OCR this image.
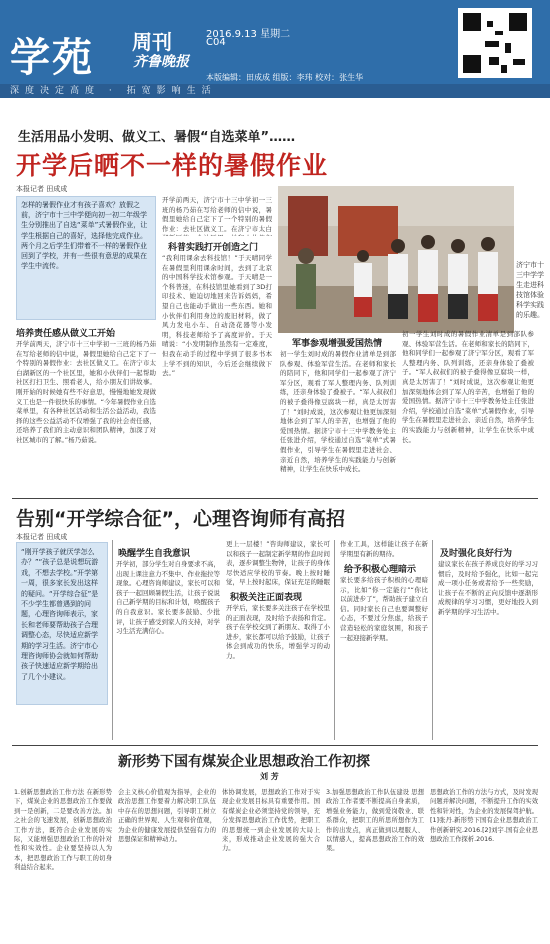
学苑 周刊
齐鲁晚报
2016.9.13 星期二
C04
本版编辑：田成成 组版：李玮 校对：张生华
深度决定高度 · 拓宽影响生活
生活用品小发明、做义工、暑假“自选菜单”……
开学后晒不一样的暑假作业
本报记者 田成成
怎样的暑假作业才有孩子喜欢？放假之前，济宁市十三中学便向初一初二年级学生分别推出了自选“菜单”式暑假作业，让学生根据自己的喜好，选择他完成作业。两个月之后学生们带着不一样的暑假作业回到了学校，并有一些很有意思的成果在学生中流传。
培养责任感从做义工开始
开学前两天，济宁市十三中学初一三班的杨乃茹在写给老师的信中说，暑假里她给自己定下了一个特别的暑假作业：去社区做义工。在济宁市太白湖新区的一个社区里，她和小伙伴们一起帮助社区打扫卫生、照看老人，给小朋友们讲故事。刚开始的时候她有些不好意思，慢慢地她发现做义工也是一件很快乐的事情。“今年暑假作业自选菜单里，有各种社区活动和生活公益活动，我选择的这些公益活动不仅增强了我的社会责任感，还培养了我们的主动意识和团队精神，加深了对社区城市的了解。”杨乃茹说。
科普实践打开创造之门
开学前两天，济宁市十三中学初一三班的杨乃茹在写给老师的信中说，暑假里她给自己定下了一个特别的暑假作业：去社区做义工。在济宁市太白
“我利用课余去科技馆！”于天晴同学在暑假里利用课余时间，去到了北京的中国科学技术馆参观。于天晴是一个科普迷，在科技馆里她看到了3D打印技术、她迫切地回来告诉妈妈，希望自己也能动手做出一些东西。她和小伙伴们利用身边的废旧材料，做了风力发电小车、自动浇花器等小发明，科技老师给予了高度评价。于天晴说：“小发明制作虽然有一定难度，但我在动手的过程中学到了很多书本上学不到的知识，今后还会继续做下去。”
济宁市十三中学学生走进科技馆体验科学实践的乐趣。
军事参观增强爱国热情
初一学生刘时成的暑假作业清单是到部队参观、体验军营生活。在老师和家长的陪同下，他和同学们一起参观了济宁军分区，观看了军人整理内务、队列训练，还亲身体验了叠被子。“军人叔叔们的被子叠得像豆腐块一样，真是太厉害了！”刘时成说，这次参观让他更加深刻地体会到了军人的辛苦，也增强了他的爱国热情。据济宁市十三中学教务处主任张进介绍，学校通过自选“菜单”式暑假作业，引导学生在暑假里走进社会、亲近自然，培养学生的实践能力与创新精神，让学生在快乐中成长。
初一学生刘时成的暑假作业清单是到部队参观、体验军营生活。在老师和家长的陪同下，他和同学们一起参观了济宁军分区，观看了军人整理内务、队列训练，还亲身体验了叠被子。“军人叔叔们的被子叠得像豆腐块一样，真是太厉害了！”刘时成说，这次参观让他更加深刻地体会到了军人的辛苦，也增强了他的爱国热情。据济宁市十三中学教务处主任张进介绍，学校通过自选“菜单”式暑假作业，引导学生在暑假里走进社会、亲近自然，培养学生的实践能力与创新精神，让学生在快乐中成长。
告别“开学综合征”，心理咨询师有高招
本报记者 田成成
“刚开学孩子就厌学怎么办？”“孩子总是说想玩游戏，不想去学校。”开学第一周，很多家长发出这样的疑问。“开学综合征”是不少学生都曾遇到的问题，心理咨询师表示，家长和老师要帮助孩子合理调整心态，尽快适应新学期的学习生活。济宁市心理咨询师协会就如何帮助孩子快速适应新学期给出了几个小建议。
唤醒学生自我意识
开学初，部分学生对自身要求不高，出现上课注意力不集中、作业拖拉等现象。心理咨询师建议，家长可以和孩子一起回顾暑假生活，让孩子说说自己新学期的目标和计划，唤醒孩子的自我意识。家长要多鼓励、少批评，让孩子感受到家人的支持，对学习生活充满信心。
更上一层楼！”咨询师建议，家长可以和孩子一起制定新学期的作息时间表，逐步调整生物钟，让孩子的身体尽快适应学校的节奏。晚上按时睡觉，早上按时起床，保证充足的睡眠
积极关注正面表现
开学后，家长要多关注孩子在学校里的正面表现，及时给予表扬和肯定。孩子在学校交到了新朋友、取得了小进步，家长都可以给予鼓励，让孩子体会到成功的快乐，增强学习的动力。
作业工具，这样能让孩子在新学期里有新的期待。
给予积极心理暗示
家长要多给孩子积极的心理暗示，比如“你一定能行”“你比以前进步了”，帮助孩子建立自信。同时家长自己也要调整好心态，不要过分焦虑，给孩子营造轻松的家庭氛围，和孩子一起迎接新学期。
及时强化良好行为
建议家长在孩子养成良好的学习习惯后，及时给予强化，比如一起完成一项小任务或者给予一些奖励，让孩子在不断的正向反馈中逐渐形成规律的学习习惯，更好地投入到新学期的学习生活中。
新形势下国有煤炭企业思想政治工作初探
刘 芳
1.创新思想政治工作方法 在新形势下，煤炭企业的思想政治工作要做到一是创新，二是要改善方法。加之社会的飞速发展，创新思想政治工作方法，既符合企业发展的实际，又能增强思想政治工作的针对性和实效性。企业要坚持以人为本，把思想政治工作与职工的切身利益结合起来。
会主义核心价值观为指导，企业的政治思想工作要着力解决职工队伍中存在的思想问题，引导职工树立正确的世界观、人生观和价值观，为企业的健康发展提供坚强有力的思想保证和精神动力。
体协调发展，思想政治工作对于实现企业发展目标具有重要作用。国有煤炭企业必须坚持党的领导，充分发挥思想政治工作优势，把职工的思想统一到企业发展的大局上来，形成推动企业发展的强大合力。
3.加强思想政治工作队伍建设 思想政治工作者要不断提高自身素质，增强业务能力，做到爱岗敬业、联系群众，把职工的所思所想作为工作的出发点，真正做到以理服人、以情感人，提高思想政治工作的效果。
思想政治工作的方法与方式，及时发现问题并解决问题，不断提升工作的实效性和针对性，为企业的发展保驾护航。[1]张丹.新形势下国有企业思想政治工作创新研究.2016.[2]刘宇.国有企业思想政治工作探析.2016.
